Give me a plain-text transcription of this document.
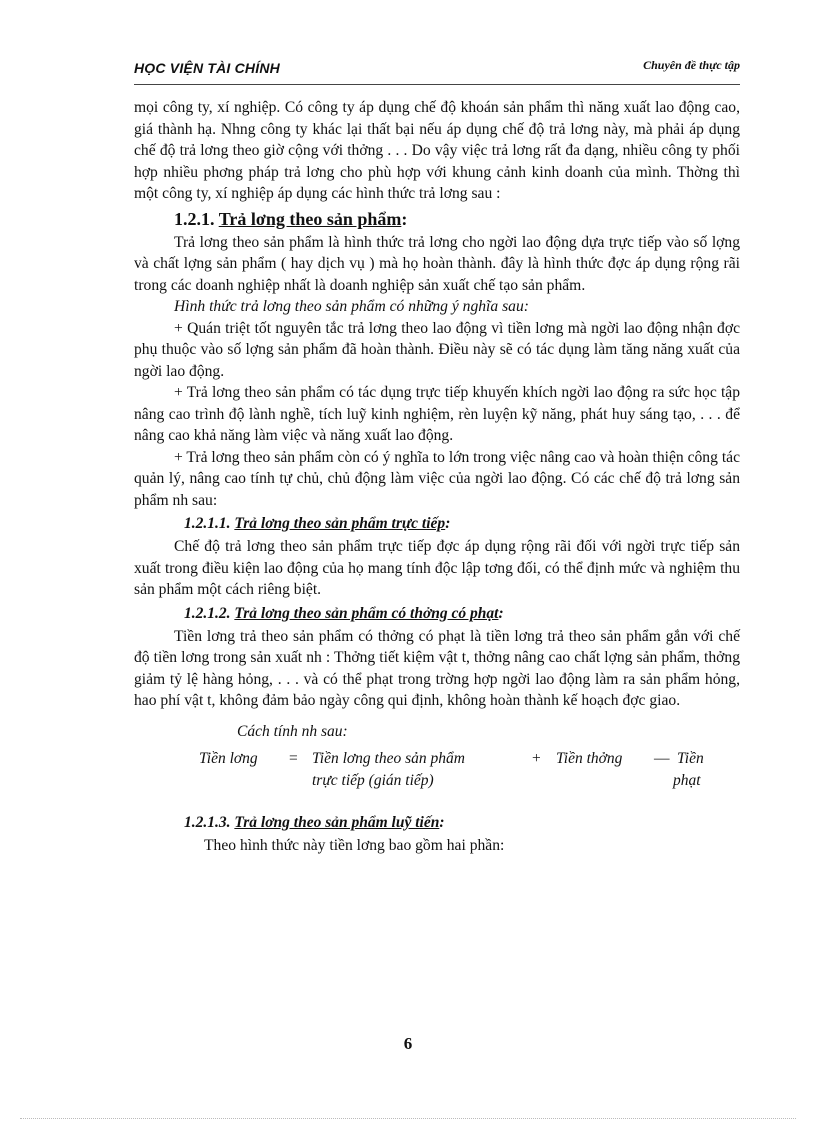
HỌC VIỆN TÀI CHÍNH	Chuyên đề thực tập

mọi công ty, xí nghiệp. Có công ty áp dụng chế độ khoán sản phẩm thì năng xuất lao động cao, giá thành hạ. Nhng công ty khác lại thất bại nếu áp dụng chế độ trả lơng này, mà phải áp dụng chế độ trả lơng theo giờ cộng với thởng . . . Do vậy việc trả lơng rất đa dạng, nhiều công ty phối hợp nhiều phơng pháp trả lơng cho phù hợp với khung cảnh kinh doanh của mình. Thờng thì một công ty, xí nghiệp áp dụng các hình thức trả lơng sau :

1.2.1. Trả lơng theo sản phẩm:

Trả lơng theo sản phẩm là hình thức trả lơng cho ngời lao động dựa trực tiếp vào số lợng và chất lợng sản phẩm ( hay dịch vụ ) mà họ hoàn thành. đây là hình thức đợc áp dụng rộng rãi trong các doanh nghiệp nhất là doanh nghiệp sản xuất chế tạo sản phẩm.

Hình thức trả lơng theo sản phẩm có những ý nghĩa sau:

+ Quán triệt tốt nguyên tắc trả lơng theo lao động vì tiền lơng mà ngời lao động nhận đợc phụ thuộc vào số lợng sản phẩm đã hoàn thành. Điều này sẽ có tác dụng làm tăng năng xuất của ngời lao động.

+ Trả lơng theo sản phẩm có tác dụng trực tiếp khuyến khích ngời lao động ra sức học tập nâng cao trình độ lành nghề, tích luỹ kinh nghiệm, rèn luyện kỹ năng, phát huy sáng tạo, . . . để nâng cao khả năng làm việc và năng xuất lao động.

+ Trả lơng theo sản phẩm còn có ý nghĩa to lớn trong việc nâng cao và hoàn thiện công tác quản lý, nâng cao tính tự chủ, chủ động làm việc của ngời lao động. Có các chế độ trả lơng sản phẩm nh sau:

1.2.1.1. Trả lơng theo sản phẩm trực tiếp:

Chế độ trả lơng theo sản phẩm trực tiếp đợc áp dụng rộng rãi đối với ngời trực tiếp sản xuất trong điều kiện lao động của họ mang tính độc lập tơng đối, có thể định mức và nghiệm thu sản phẩm một cách riêng biệt.

1.2.1.2. Trả lơng theo sản phẩm có thởng có phạt:

Tiền lơng trả theo sản phẩm có thởng có phạt là tiền lơng trả theo sản phẩm gắn với chế độ tiền lơng trong sản xuất nh : Thởng tiết kiệm vật t, thởng nâng cao chất lợng sản phẩm, thởng giảm tỷ lệ hàng hỏng, . . . và có thể phạt trong trờng hợp ngời lao động làm ra sản phẩm hỏng, hao phí vật t, không đảm bảo ngày công qui định, không hoàn thành kế hoạch đợc giao.

Cách tính nh sau:

Tiền lơng = Tiền lơng theo sản phẩm
trực tiếp (gián tiếp)
+ Tiền thởng — Tiền
phạt

1.2.1.3. Trả lơng theo sản phẩm luỹ tiến:

Theo hình thức này tiền lơng bao gồm hai phần:

6
